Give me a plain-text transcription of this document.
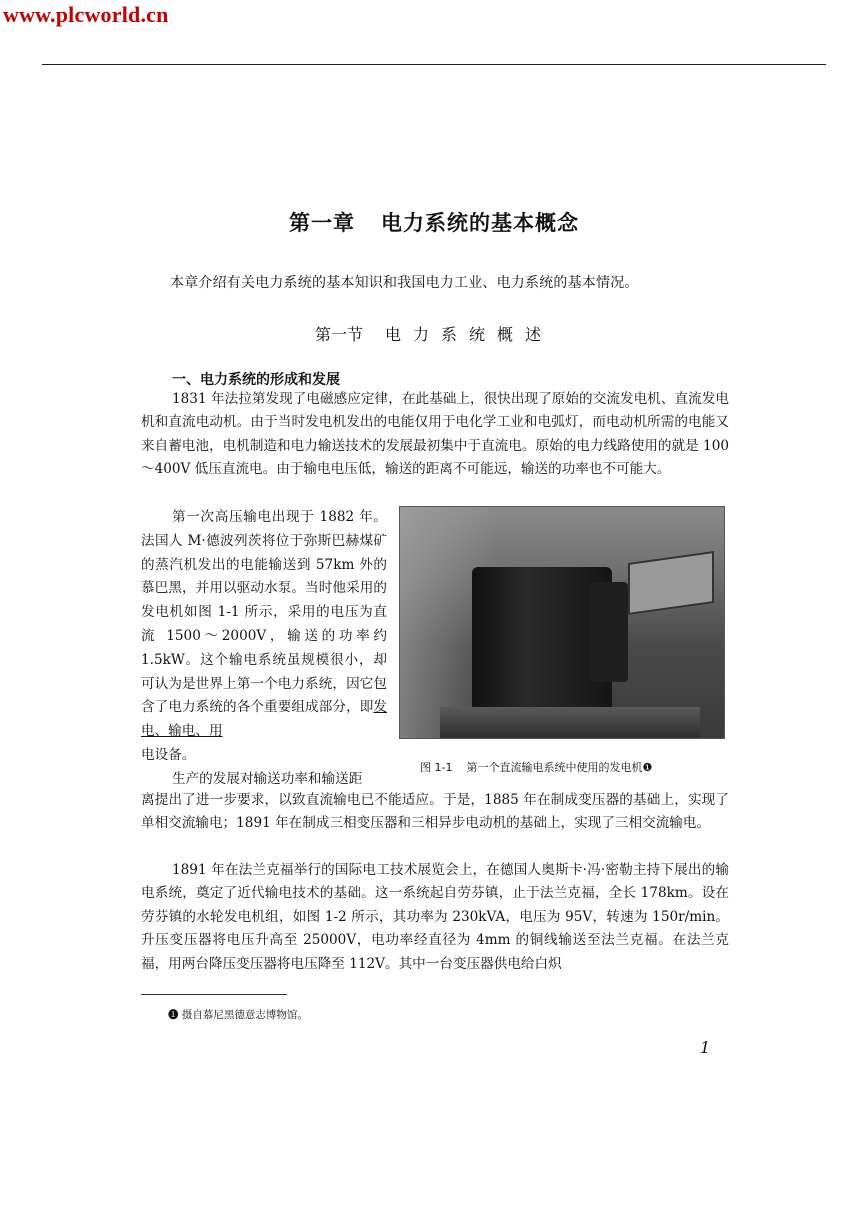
www.plcworld.cn
第一章 电力系统的基本概念
本章介绍有关电力系统的基本知识和我国电力工业、电力系统的基本情况。
第一节 电力系统概述
一、电力系统的形成和发展

1831 年法拉第发现了电磁感应定律，在此基础上，很快出现了原始的交流发电机、直流发电机和直流电动机。由于当时发电机发出的电能仅用于电化学工业和电弧灯，而电动机所需的电能又来自蓄电池，电机制造和电力输送技术的发展最初集中于直流电。原始的电力线路使用的就是 100～400V 低压直流电。由于输电电压低，输送的距离不可能远，输送的功率也不可能大。

第一次高压输电出现于 1882 年。法国人 M·德波列茨将位于弥斯巴赫煤矿的蒸汽机发出的电能输送到 57km 外的慕巴黑，并用以驱动水泵。当时他采用的发电机如图 1-1 所示，采用的电压为直流 1500～2000V，输送的功率约 1.5kW。这个输电系统虽规模很小，却可认为是世界上第一个电力系统，因它包含了电力系统的各个重要组成部分，即发电、输电、用
电设备。

生产的发展对输送功率和输送距

图 1-1 第一个直流输电系统中使用的发电机❶

离提出了进一步要求，以致直流输电已不能适应。于是，1885 年在制成变压器的基础上，实现了单相交流输电；1891 年在制成三相变压器和三相异步电动机的基础上，实现了三相交流输电。

1891 年在法兰克福举行的国际电工技术展览会上，在德国人奥斯卡·冯·密勒主持下展出的输电系统，奠定了近代输电技术的基础。这一系统起自劳芬镇，止于法兰克福，全长 178km。设在劳芬镇的水轮发电机组，如图 1-2 所示，其功率为 230kVA，电压为 95V，转速为 150r/min。升压变压器将电压升高至 25000V，电功率经直径为 4mm 的铜线输送至法兰克福。在法兰克福，用两台降压变压器将电压降至 112V。其中一台变压器供电给白炽

❶ 摄自慕尼黑德意志博物馆。
1
